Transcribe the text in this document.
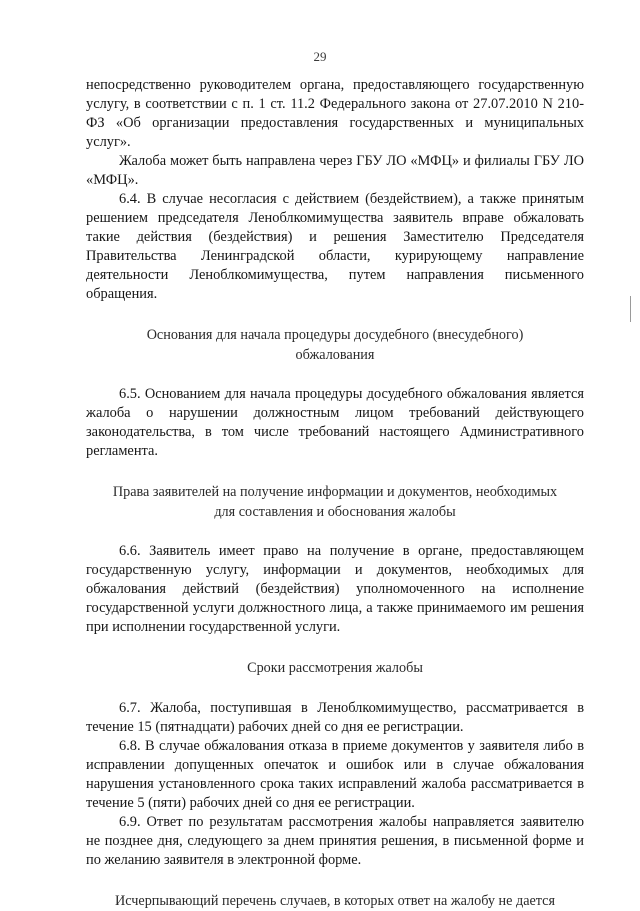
29

непосредственно руководителем органа, предоставляющего государственную услугу, в соответствии с п. 1 ст. 11.2 Федерального закона от 27.07.2010 N 210-ФЗ «Об организации предоставления государственных и муниципальных услуг».

Жалоба может быть направлена через ГБУ ЛО «МФЦ» и филиалы ГБУ ЛО «МФЦ».

6.4. В случае несогласия с действием (бездействием), а также принятым решением председателя Леноблкомимущества заявитель вправе обжаловать такие действия (бездействия) и решения Заместителю Председателя Правительства Ленинградской области, курирующему направление деятельности Леноблкомимущества, путем направления письменного обращения.

Основания для начала процедуры досудебного (внесудебного) обжалования

6.5. Основанием для начала процедуры досудебного обжалования является жалоба о нарушении должностным лицом требований действующего законодательства, в том числе требований настоящего Административного регламента.

Права заявителей на получение информации и документов, необходимых для составления и обоснования жалобы

6.6. Заявитель имеет право на получение в органе, предоставляющем государственную услугу, информации и документов, необходимых для обжалования действий (бездействия) уполномоченного на исполнение государственной услуги должностного лица, а также принимаемого им решения при исполнении государственной услуги.

Сроки рассмотрения жалобы

6.7. Жалоба, поступившая в Леноблкомимущество, рассматривается в течение 15 (пятнадцати) рабочих дней со дня ее регистрации.

6.8. В случае обжалования отказа в приеме документов у заявителя либо в исправлении допущенных опечаток и ошибок или в случае обжалования нарушения установленного срока таких исправлений жалоба рассматривается в течение 5 (пяти) рабочих дней со дня ее регистрации.

6.9. Ответ по результатам рассмотрения жалобы направляется заявителю не позднее дня, следующего за днем принятия решения, в письменной форме и по желанию заявителя в электронной форме.

Исчерпывающий перечень случаев, в которых ответ на жалобу не дается
